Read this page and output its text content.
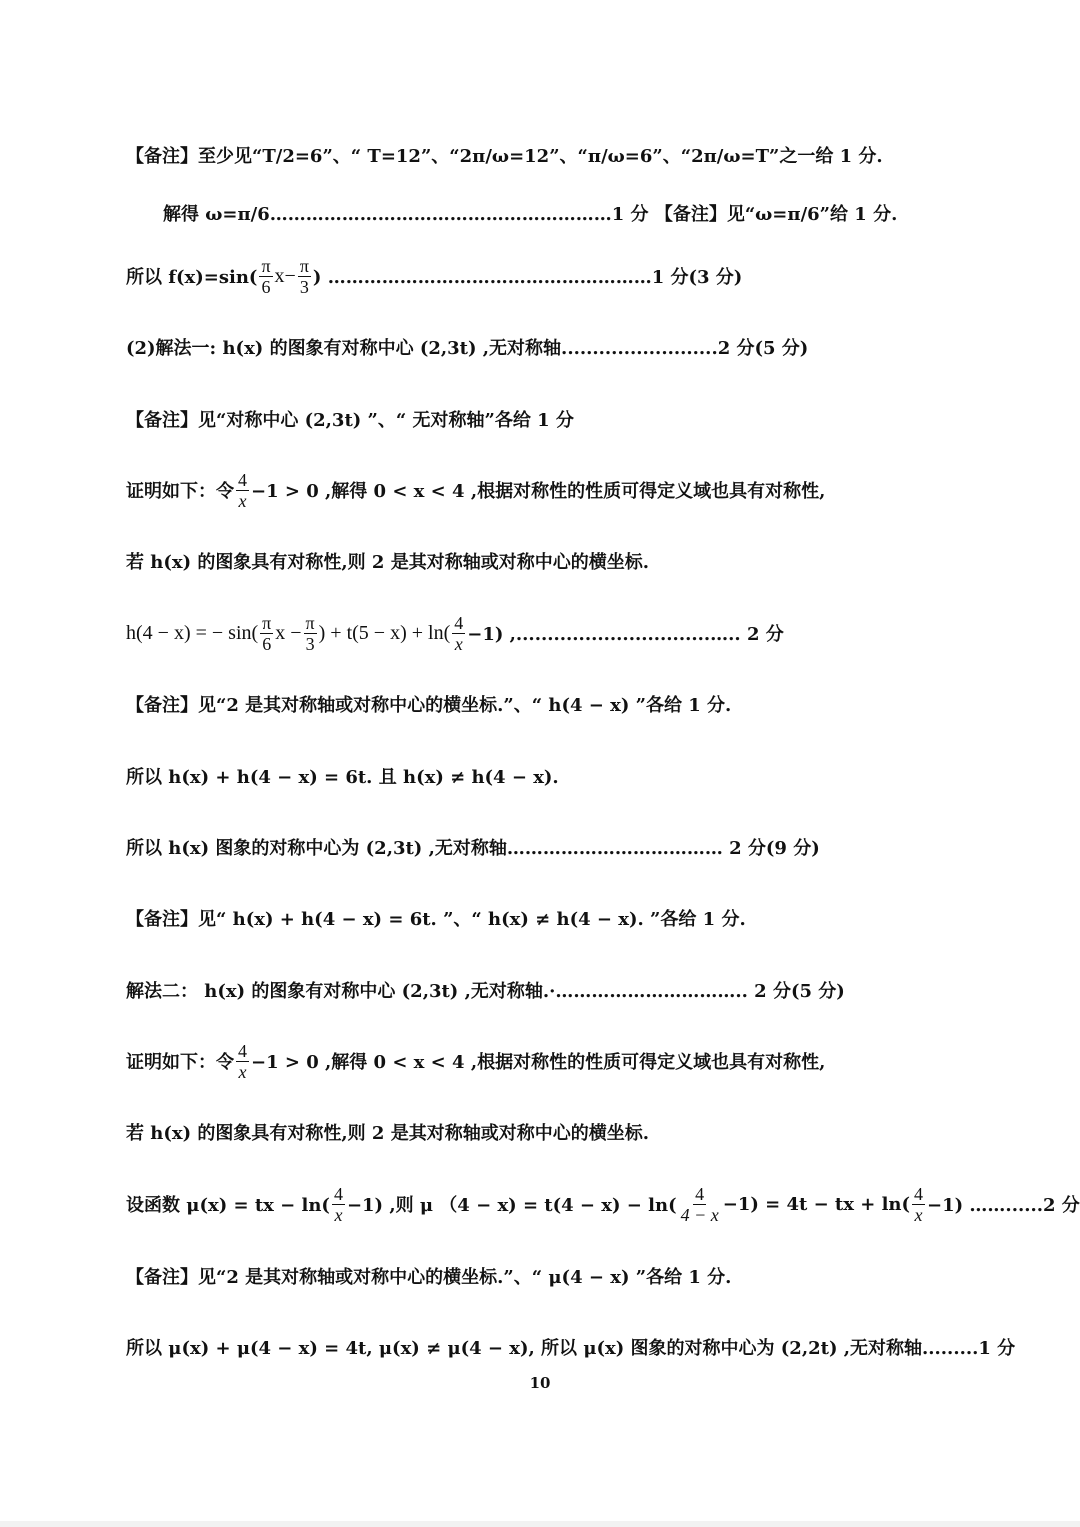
【备注】至少见“T/2=6”、“ T=12”、“2π/ω=12”、“π/ω=6”、“2π/ω=T”之一给 1 分.
解得 ω=π/6…………………………………………………1 分 【备注】见“ω=π/6”给 1 分.
所以 $f(x)=\sin( \frac{\pi}{6} x- \frac{\pi}{3}$ ) ………………………………………………1 分(3 分)
(2)解法一: h(x) 的图象有对称中心 (2,3t) ,无对称轴.........................2 分(5 分)
【备注】见“对称中心 (2,3t) ”、“ 无对称轴”各给 1 分
证明如下：令 $\frac{4}{x} -1 > 0$ ,解得 0 < x < 4 ,根据对称性的性质可得定义域也具有对称性,
若 h(x) 的图象具有对称性,则 2 是其对称轴或对称中心的横坐标.
h(4 − x) = − $\sin( \frac{\pi}{6}$ $x - \frac{\pi}{3}$ ) + $t(5 - x) + \ln( \frac{4}{x} -1)$ ,...............................….. 2 分
【备注】见“2 是其对称轴或对称中心的横坐标.”、“ h(4 − x) ”各给 1 分.
所以 h(x) + h(4 − x) = 6t. 且 h(x) ≠ h(4 − x).
所以 h(x) 图象的对称中心为 (2,3t) ,无对称轴……………………………… 2 分(9 分)
【备注】见“ h(x) + h(4 − x) = 6t. ”、“ h(x) ≠ h(4 − x). ”各给 1 分.
解法二： h(x) 的图象有对称中心 (2,3t) ,无对称轴.·………………………….. 2 分(5 分)
证明如下：令 $\frac{4}{x} -1 > 0$ ,解得 0 < x < 4 ,根据对称性的性质可得定义域也具有对称性,
若 h(x) 的图象具有对称性,则 2 是其对称轴或对称中心的横坐标.
设函数 μ(x) = tx − $\ln( \frac{4}{x} -1)$ ,则 μ $(4 - x) = t(4 - x) - \ln( \frac{4}{4 - x} -1) = 4t$ − tx + $\ln( \frac{4}{x} -1)$ ……......2 分
【备注】见“2 是其对称轴或对称中心的横坐标.”、“ μ(4 − x) ”各给 1 分.
所以 μ(x) + μ(4 − x) = 4t, μ(x) ≠ μ(4 − x), 所以 μ(x) 图象的对称中心为 (2,2t) ,无对称轴.........1 分
10
